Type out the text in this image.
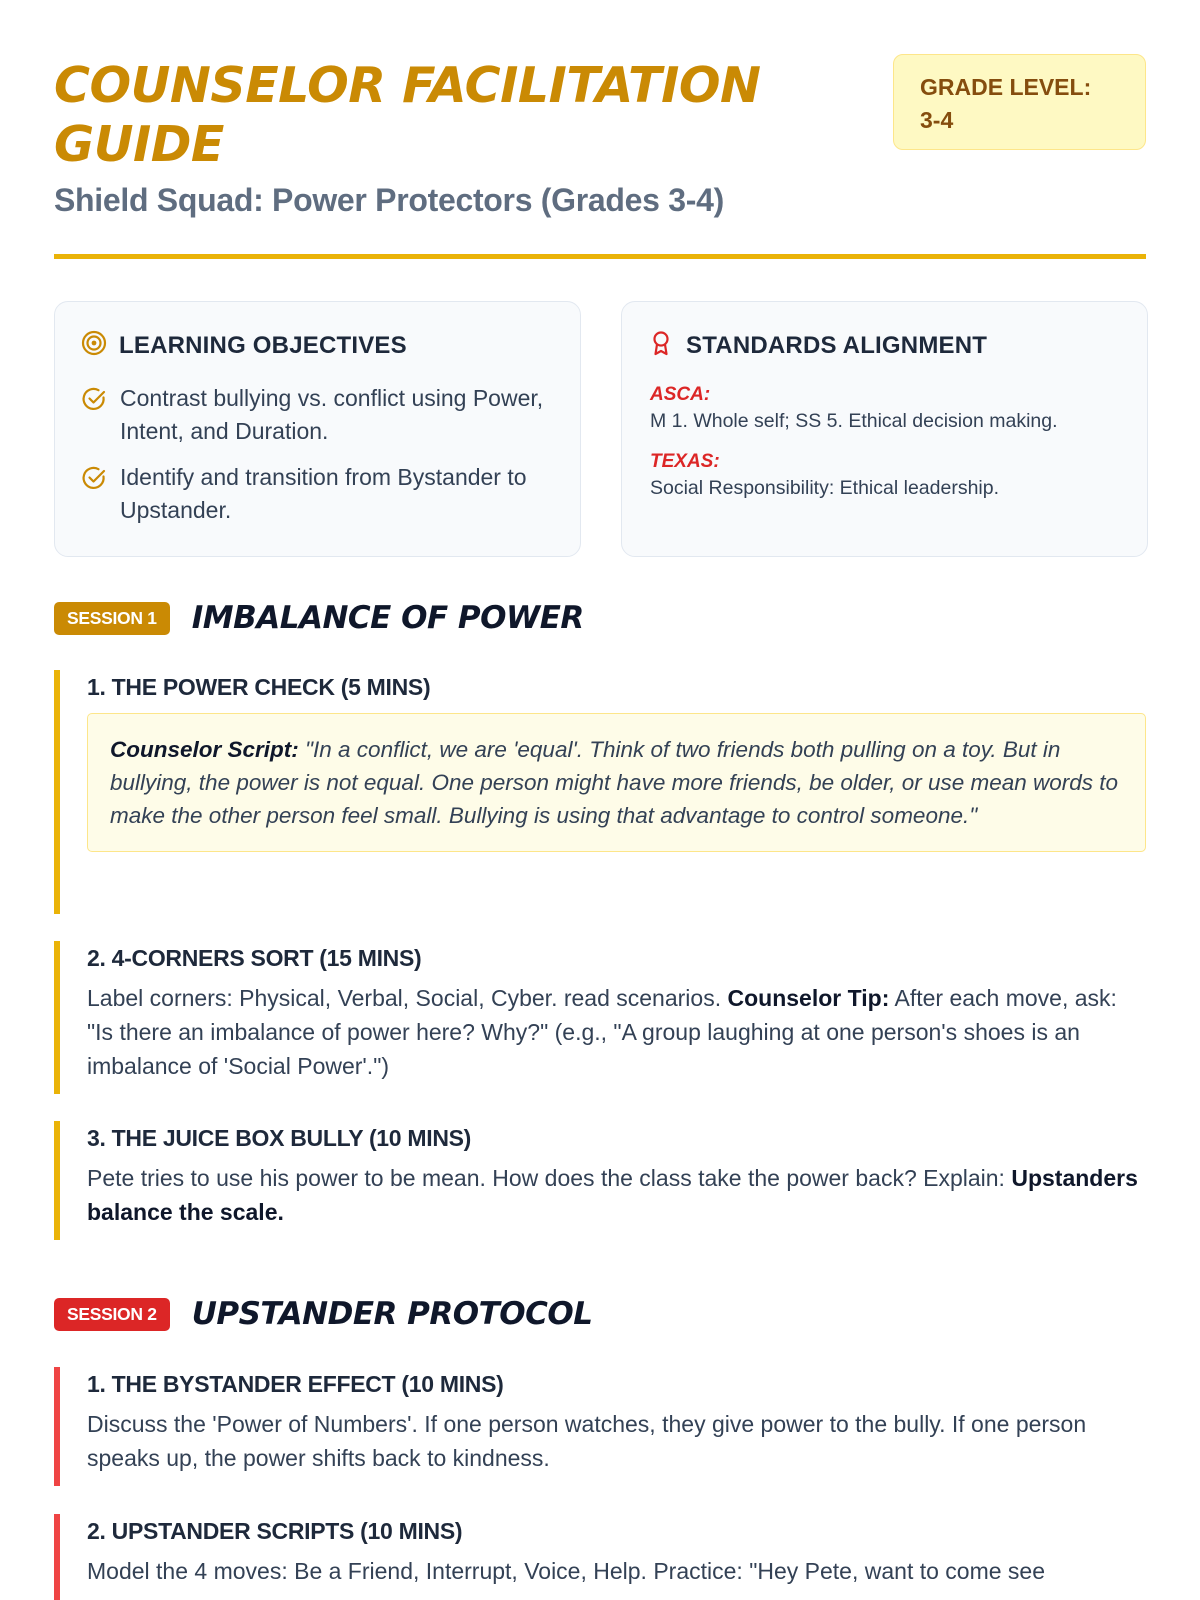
COUNSELOR FACILITATION GUIDE
Shield Squad: Power Protectors (Grades 3-4)
GRADE LEVEL:
3-4
LEARNING OBJECTIVES
Contrast bullying vs. conflict using Power, Intent, and Duration.
Identify and transition from Bystander to Upstander.
STANDARDS ALIGNMENT
ASCA:
M 1. Whole self; SS 5. Ethical decision making.
TEXAS:
Social Responsibility: Ethical leadership.
SESSION 1	IMBALANCE OF POWER
1. THE POWER CHECK (5 MINS)
Counselor Script: "In a conflict, we are 'equal'. Think of two friends both pulling on a toy. But in bullying, the power is not equal. One person might have more friends, be older, or use mean words to make the other person feel small. Bullying is using that advantage to control someone."
2. 4-CORNERS SORT (15 MINS)
Label corners: Physical, Verbal, Social, Cyber. read scenarios. Counselor Tip: After each move, ask: "Is there an imbalance of power here? Why?" (e.g., "A group laughing at one person's shoes is an imbalance of 'Social Power'.")
3. THE JUICE BOX BULLY (10 MINS)
Pete tries to use his power to be mean. How does the class take the power back? Explain: Upstanders balance the scale.
SESSION 2	UPSTANDER PROTOCOL
1. THE BYSTANDER EFFECT (10 MINS)
Discuss the 'Power of Numbers'. If one person watches, they give power to the bully. If one person speaks up, the power shifts back to kindness.
2. UPSTANDER SCRIPTS (10 MINS)
Model the 4 moves: Be a Friend, Interrupt, Voice, Help. Practice: "Hey Pete, want to come see
